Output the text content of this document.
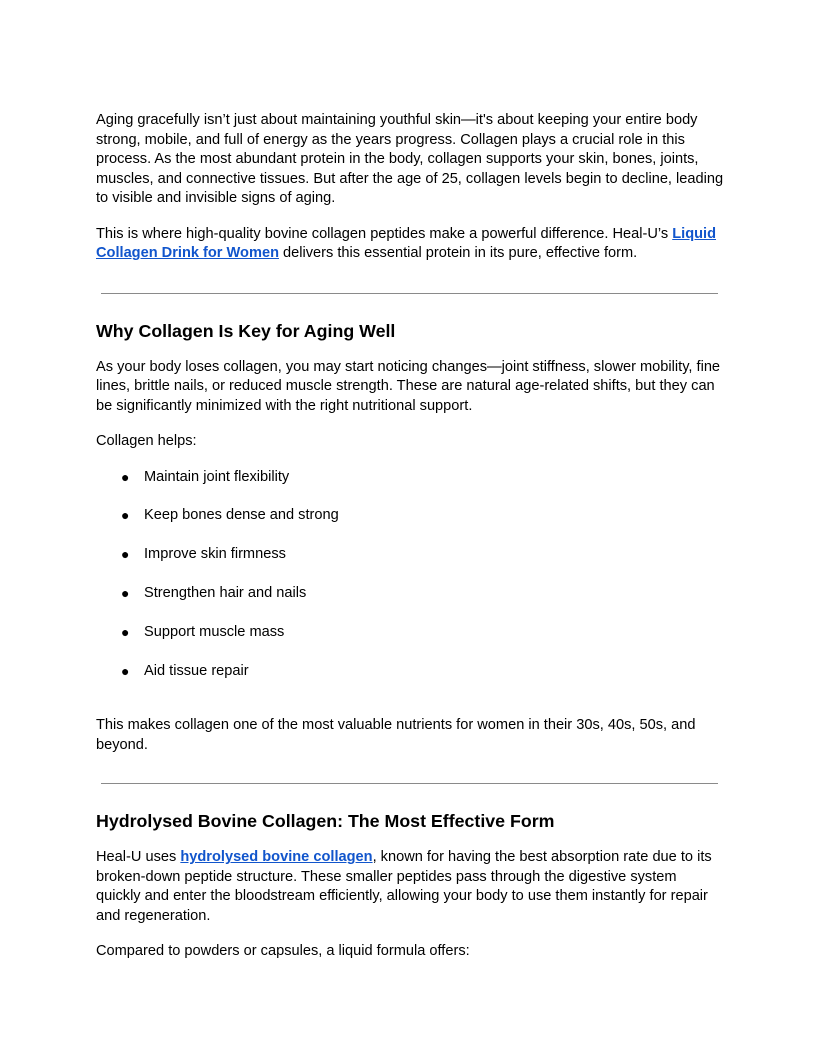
Aging gracefully isn’t just about maintaining youthful skin—it's about keeping your entire body strong, mobile, and full of energy as the years progress. Collagen plays a crucial role in this process. As the most abundant protein in the body, collagen supports your skin, bones, joints, muscles, and connective tissues. But after the age of 25, collagen levels begin to decline, leading to visible and invisible signs of aging.

This is where high-quality bovine collagen peptides make a powerful difference. Heal-U’s Liquid Collagen Drink for Women delivers this essential protein in its pure, effective form.

Why Collagen Is Key for Aging Well

As your body loses collagen, you may start noticing changes—joint stiffness, slower mobility, fine lines, brittle nails, or reduced muscle strength. These are natural age-related shifts, but they can be significantly minimized with the right nutritional support.

Collagen helps:

● Maintain joint flexibility
● Keep bones dense and strong
● Improve skin firmness
● Strengthen hair and nails
● Support muscle mass
● Aid tissue repair

This makes collagen one of the most valuable nutrients for women in their 30s, 40s, 50s, and beyond.

Hydrolysed Bovine Collagen: The Most Effective Form

Heal-U uses hydrolysed bovine collagen, known for having the best absorption rate due to its broken-down peptide structure. These smaller peptides pass through the digestive system quickly and enter the bloodstream efficiently, allowing your body to use them instantly for repair and regeneration.

Compared to powders or capsules, a liquid formula offers:
